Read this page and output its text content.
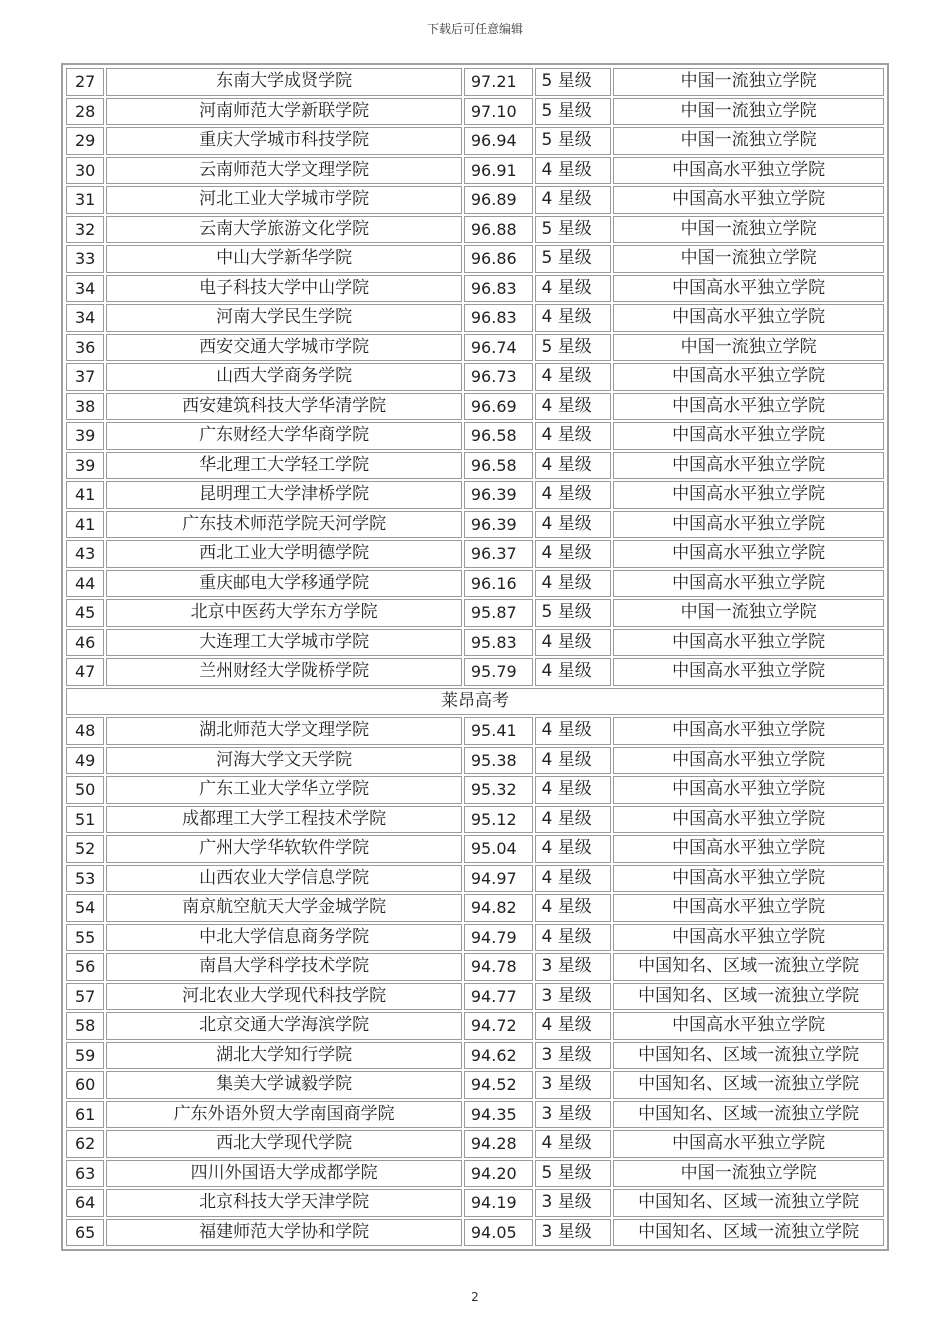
下载后可任意编辑
27	东南大学成贤学院	97.21	5 星级	中国一流独立学院
28	河南师范大学新联学院	97.10	5 星级	中国一流独立学院
29	重庆大学城市科技学院	96.94	5 星级	中国一流独立学院
30	云南师范大学文理学院	96.91	4 星级	中国高水平独立学院
31	河北工业大学城市学院	96.89	4 星级	中国高水平独立学院
32	云南大学旅游文化学院	96.88	5 星级	中国一流独立学院
33	中山大学新华学院	96.86	5 星级	中国一流独立学院
34	电子科技大学中山学院	96.83	4 星级	中国高水平独立学院
34	河南大学民生学院	96.83	4 星级	中国高水平独立学院
36	西安交通大学城市学院	96.74	5 星级	中国一流独立学院
37	山西大学商务学院	96.73	4 星级	中国高水平独立学院
38	西安建筑科技大学华清学院	96.69	4 星级	中国高水平独立学院
39	广东财经大学华商学院	96.58	4 星级	中国高水平独立学院
39	华北理工大学轻工学院	96.58	4 星级	中国高水平独立学院
41	昆明理工大学津桥学院	96.39	4 星级	中国高水平独立学院
41	广东技术师范学院天河学院	96.39	4 星级	中国高水平独立学院
43	西北工业大学明德学院	96.37	4 星级	中国高水平独立学院
44	重庆邮电大学移通学院	96.16	4 星级	中国高水平独立学院
45	北京中医药大学东方学院	95.87	5 星级	中国一流独立学院
46	大连理工大学城市学院	95.83	4 星级	中国高水平独立学院
47	兰州财经大学陇桥学院	95.79	4 星级	中国高水平独立学院
莱昂高考				
48	湖北师范大学文理学院	95.41	4 星级	中国高水平独立学院
49	河海大学文天学院	95.38	4 星级	中国高水平独立学院
50	广东工业大学华立学院	95.32	4 星级	中国高水平独立学院
51	成都理工大学工程技术学院	95.12	4 星级	中国高水平独立学院
52	广州大学华软软件学院	95.04	4 星级	中国高水平独立学院
53	山西农业大学信息学院	94.97	4 星级	中国高水平独立学院
54	南京航空航天大学金城学院	94.82	4 星级	中国高水平独立学院
55	中北大学信息商务学院	94.79	4 星级	中国高水平独立学院
56	南昌大学科学技术学院	94.78	3 星级	中国知名、区域一流独立学院
57	河北农业大学现代科技学院	94.77	3 星级	中国知名、区域一流独立学院
58	北京交通大学海滨学院	94.72	4 星级	中国高水平独立学院
59	湖北大学知行学院	94.62	3 星级	中国知名、区域一流独立学院
60	集美大学诚毅学院	94.52	3 星级	中国知名、区域一流独立学院
61	广东外语外贸大学南国商学院	94.35	3 星级	中国知名、区域一流独立学院
62	西北大学现代学院	94.28	4 星级	中国高水平独立学院
63	四川外国语大学成都学院	94.20	5 星级	中国一流独立学院
64	北京科技大学天津学院	94.19	3 星级	中国知名、区域一流独立学院
65	福建师范大学协和学院	94.05	3 星级	中国知名、区域一流独立学院
2
